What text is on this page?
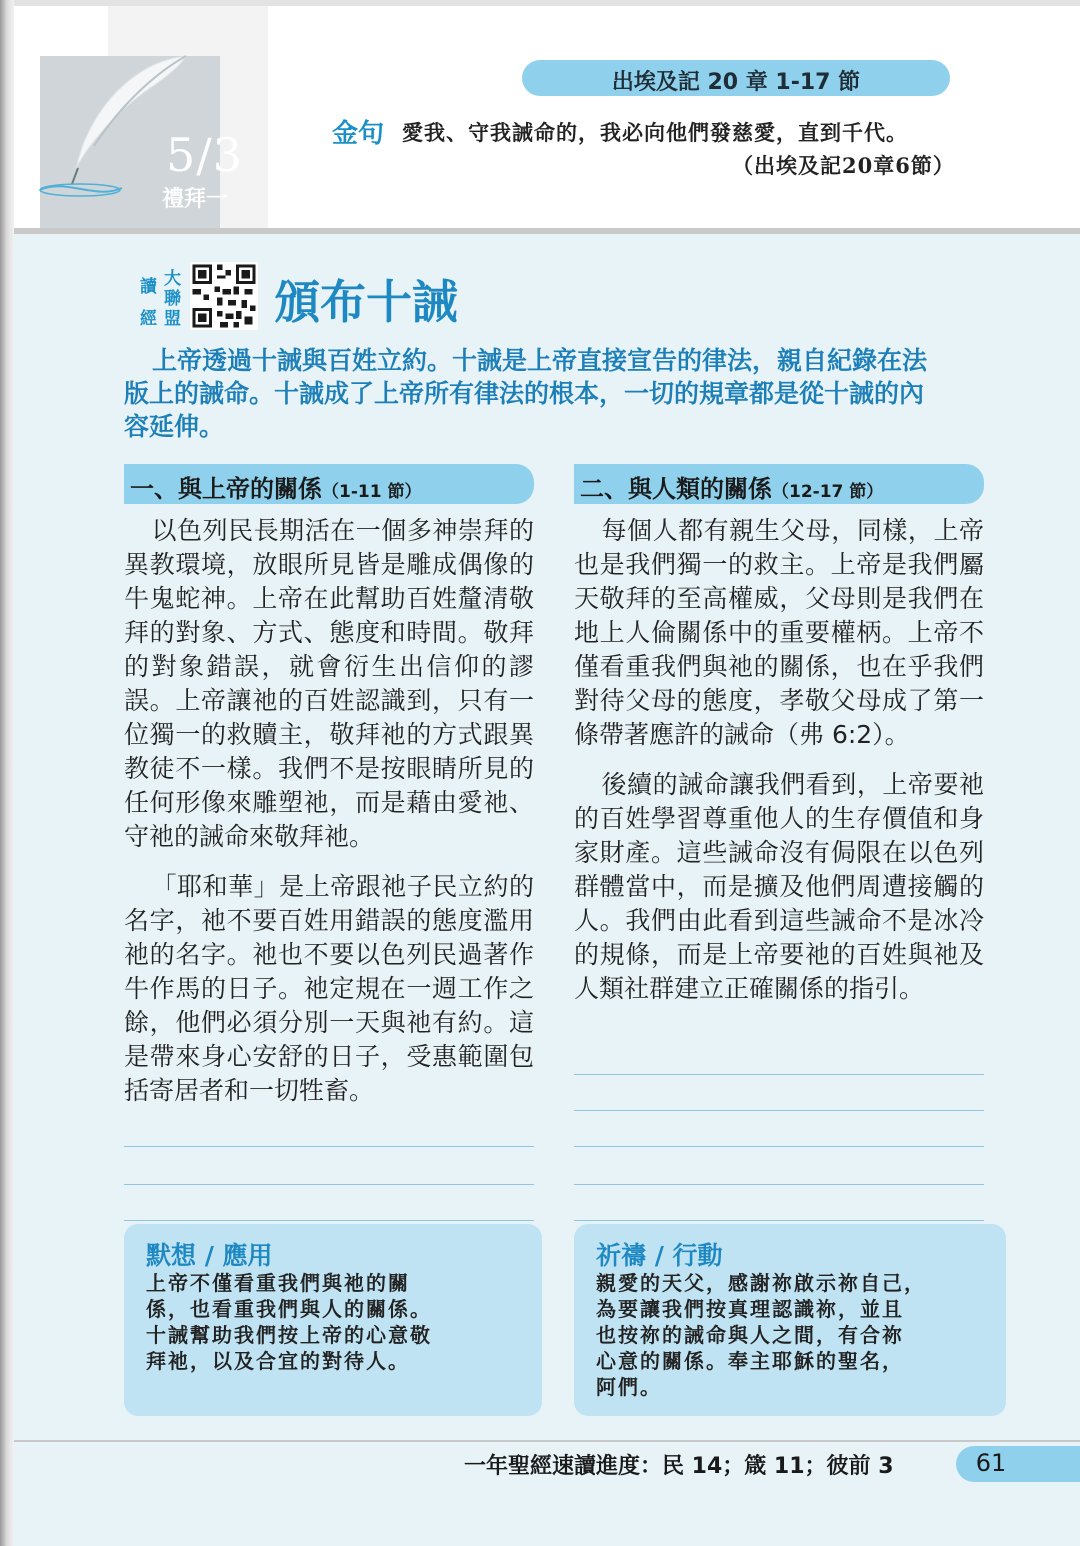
5/3
禮拜一
出埃及記 20 章 1-17 節
金句 愛我、守我誡命的，我必向他們發慈愛，直到千代。
（出埃及記20章6節）
讀 大
聯
經 盟 頒布十誡
上帝透過十誡與百姓立約。十誡是上帝直接宣告的律法，親自紀錄在法
版上的誡命。十誡成了上帝所有律法的根本，一切的規章都是從十誡的內
容延伸。
一、與上帝的關係（1-11 節）	二、與人類的關係（12-17 節）

以色列民長期活在一個多神崇拜的異教環境，放眼所見皆是雕成偶像的牛鬼蛇神。上帝在此幫助百姓釐清敬拜的對象、方式、態度和時間。敬拜的對象錯誤，就會衍生出信仰的謬誤。上帝讓祂的百姓認識到，只有一位獨一的救贖主，敬拜祂的方式跟異教徒不一樣。我們不是按眼睛所見的任何形像來雕塑祂，而是藉由愛祂、守祂的誡命來敬拜祂。

「耶和華」是上帝跟祂子民立約的名字，祂不要百姓用錯誤的態度濫用祂的名字。祂也不要以色列民過著作牛作馬的日子。祂定規在一週工作之餘，他們必須分別一天與祂有約。這是帶來身心安舒的日子，受惠範圍包括寄居者和一切牲畜。

每個人都有親生父母，同樣，上帝也是我們獨一的救主。上帝是我們屬天敬拜的至高權威，父母則是我們在地上人倫關係中的重要權柄。上帝不僅看重我們與祂的關係，也在乎我們對待父母的態度，孝敬父母成了第一條帶著應許的誡命（弗 6:2）。

後續的誡命讓我們看到，上帝要祂的百姓學習尊重他人的生存價值和身家財產。這些誡命沒有侷限在以色列群體當中，而是擴及他們周遭接觸的人。我們由此看到這些誡命不是冰冷的規條，而是上帝要祂的百姓與祂及人類社群建立正確關係的指引。

默想 / 應用
上帝不僅看重我們與祂的關
係，也看重我們與人的關係。
十誡幫助我們按上帝的心意敬
拜祂，以及合宜的對待人。
祈禱 / 行動
親愛的天父，感謝祢啟示祢自己，
為要讓我們按真理認識祢，並且
也按祢的誡命與人之間，有合祢
心意的關係。奉主耶穌的聖名，
阿們。
一年聖經速讀進度：民 14；箴 11；彼前 3	61
